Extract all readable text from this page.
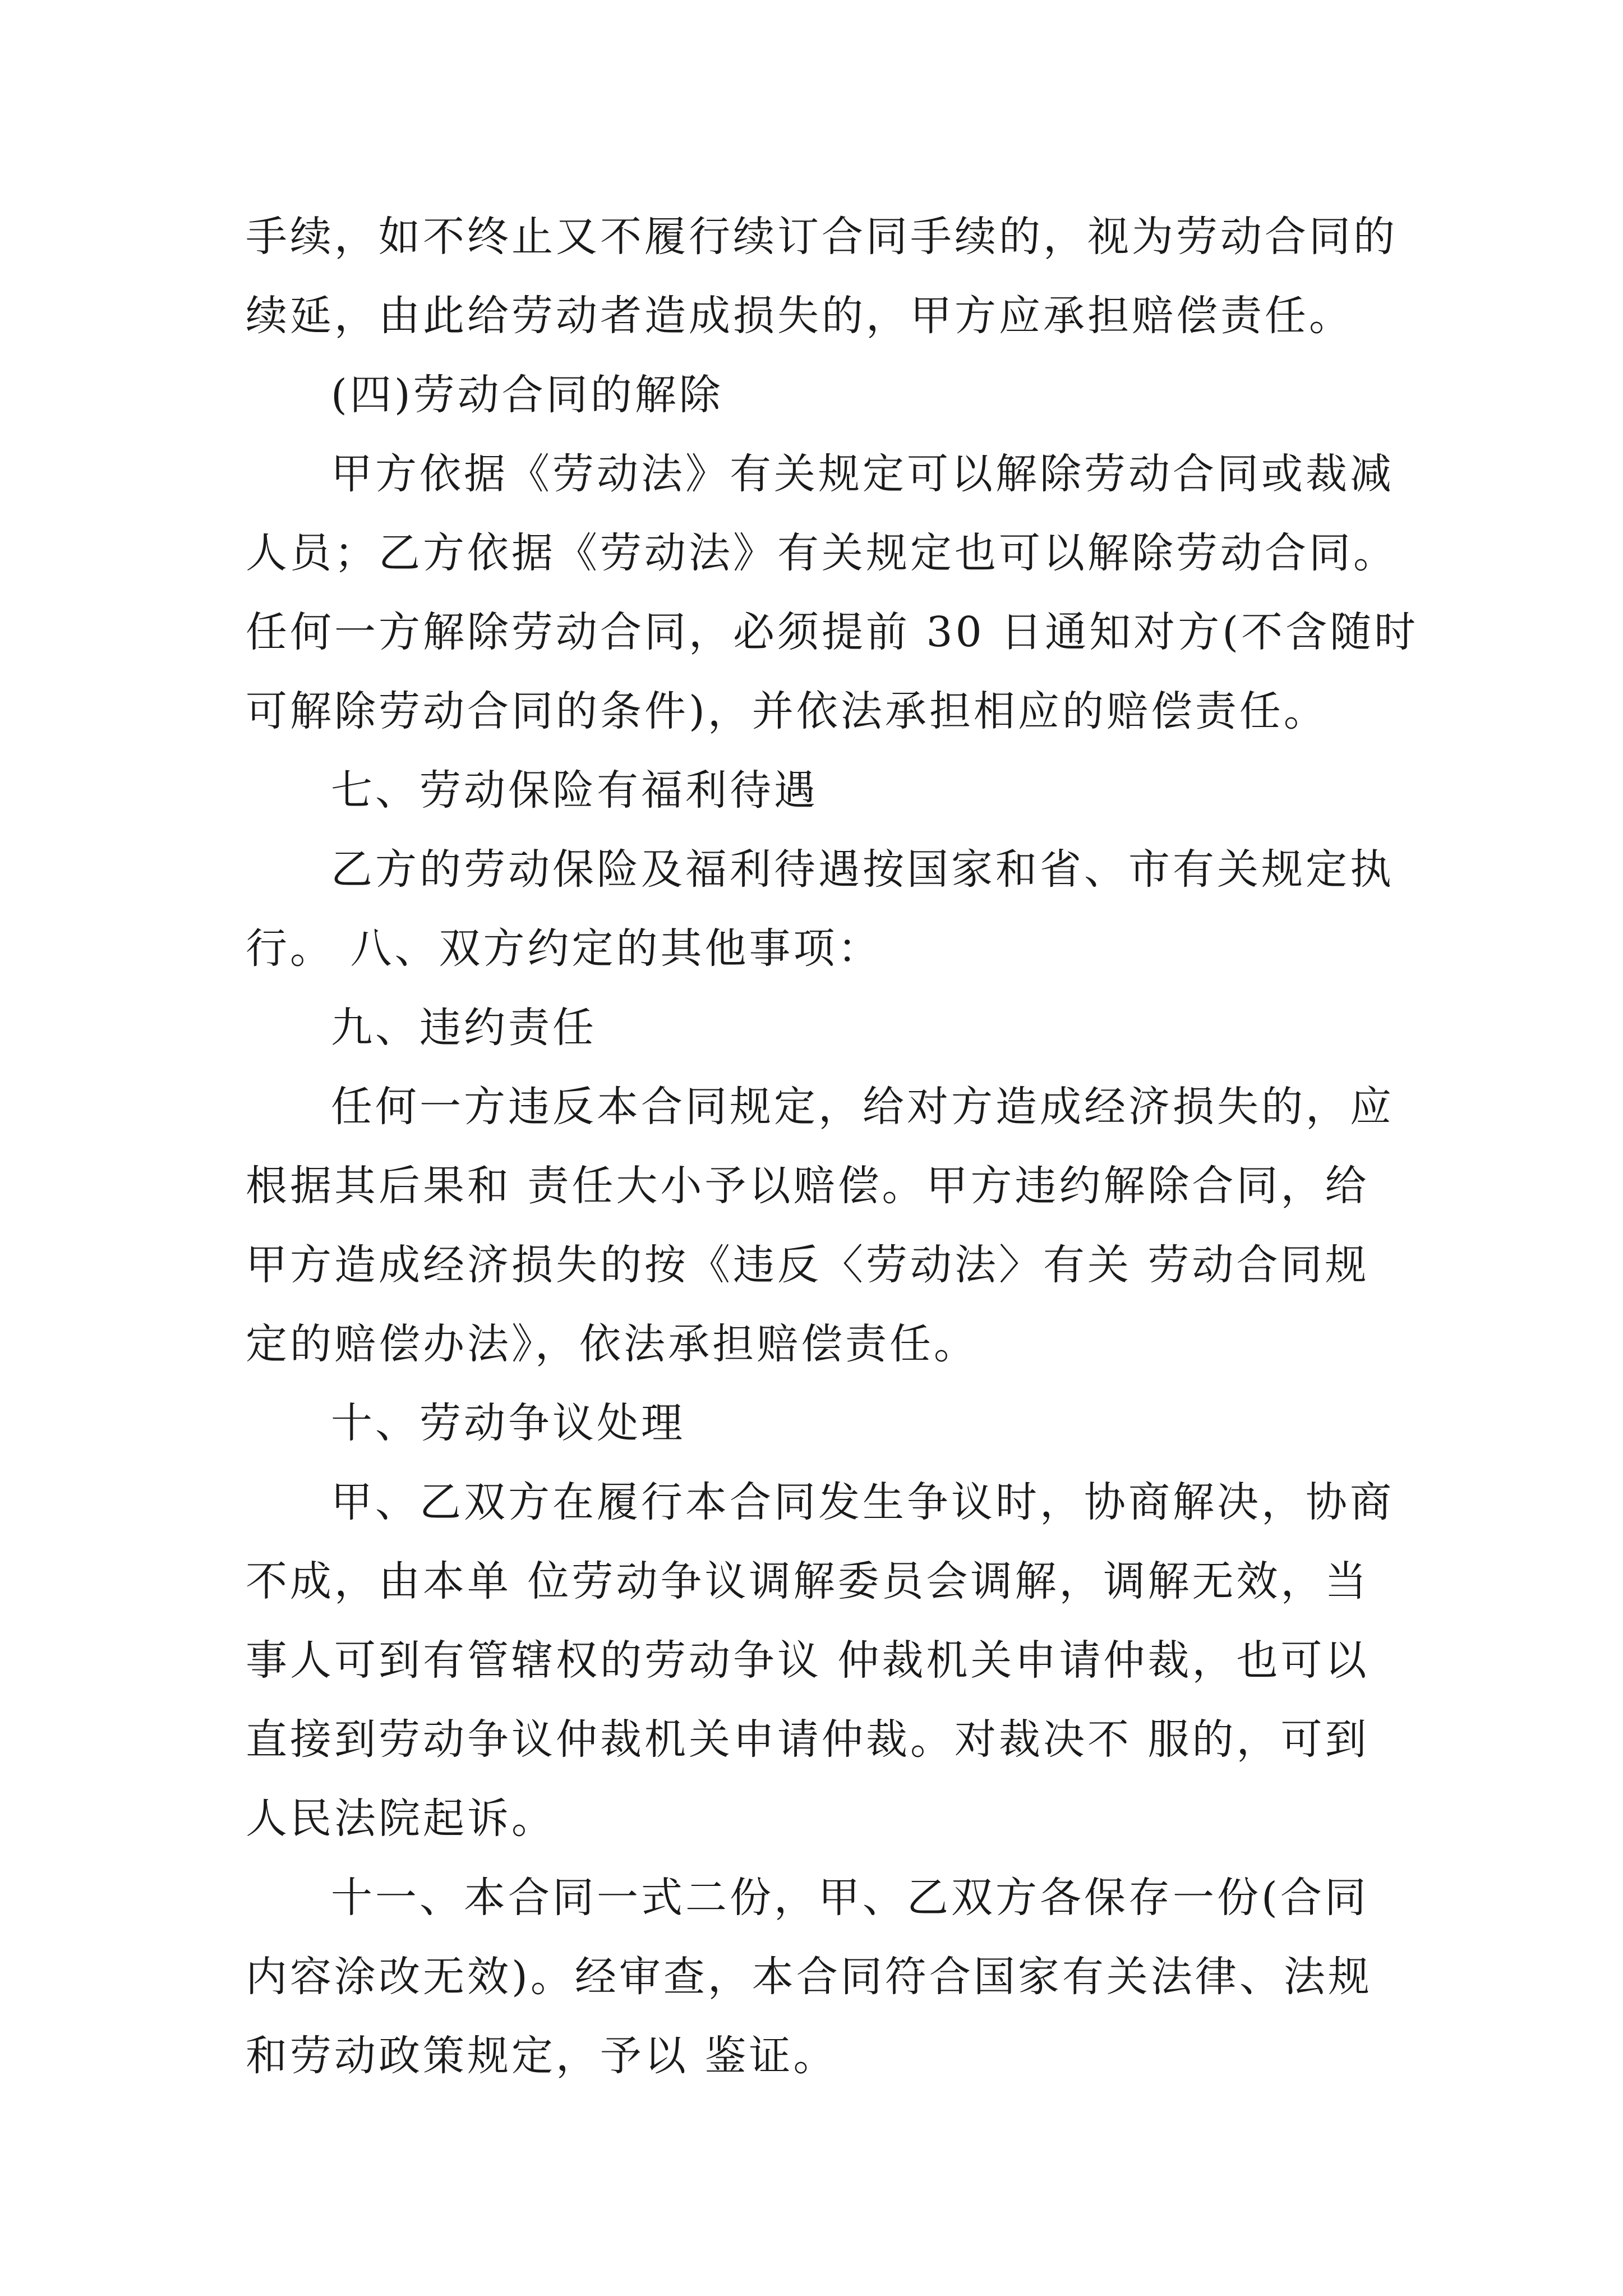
手续，如不终止又不履行续订合同手续的，视为劳动合同的
续延，由此给劳动者造成损失的，甲方应承担赔偿责任。
(四)劳动合同的解除
甲方依据《劳动法》有关规定可以解除劳动合同或裁减
人员；乙方依据《劳动法》有关规定也可以解除劳动合同。
任何一方解除劳动合同，必须提前 30 日通知对方(不含随时
可解除劳动合同的条件)，并依法承担相应的赔偿责任。
七、劳动保险有福利待遇
乙方的劳动保险及福利待遇按国家和省、市有关规定执
行。 八、双方约定的其他事项：
九、违约责任
任何一方违反本合同规定，给对方造成经济损失的，应
根据其后果和 责任大小予以赔偿。甲方违约解除合同，给
甲方造成经济损失的按《违反〈劳动法〉有关 劳动合同规
定的赔偿办法》，依法承担赔偿责任。
十、劳动争议处理
甲、乙双方在履行本合同发生争议时，协商解决，协商
不成，由本单 位劳动争议调解委员会调解，调解无效，当
事人可到有管辖权的劳动争议 仲裁机关申请仲裁，也可以
直接到劳动争议仲裁机关申请仲裁。对裁决不 服的，可到
人民法院起诉。
十一、本合同一式二份，甲、乙双方各保存一份(合同
内容涂改无效)。经审查，本合同符合国家有关法律、法规
和劳动政策规定，予以 鉴证。
